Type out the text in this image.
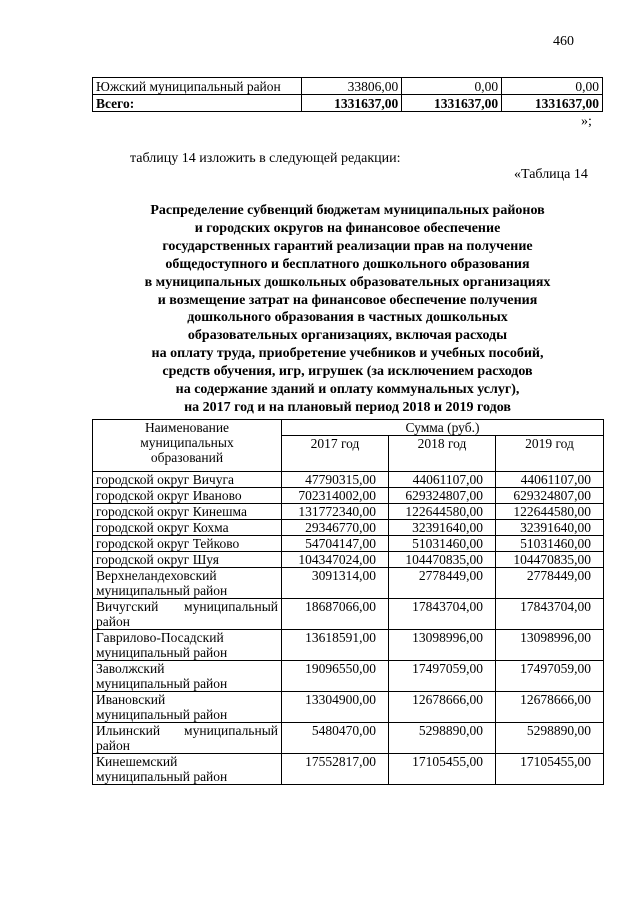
460
Южский муниципальный район	33806,00	0,00	0,00
Всего:	1331637,00	1331637,00	1331637,00
»;
таблицу 14 изложить в следующей редакции:
«Таблица 14
Распределение субвенций бюджетам муниципальных районов
и городских округов на финансовое обеспечение
государственных гарантий реализации прав на получение
общедоступного и бесплатного дошкольного образования
в муниципальных дошкольных образовательных организациях
и возмещение затрат на финансовое обеспечение получения
дошкольного образования в частных дошкольных
образовательных организациях, включая расходы
на оплату труда, приобретение учебников и учебных пособий,
средств обучения, игр, игрушек (за исключением расходов
на содержание зданий и оплату коммунальных услуг),
на 2017 год и на плановый период 2018 и 2019 годов
Наименование
муниципальных
образований	Сумма (руб.)		
	2017 год	2018 год	2019 год

городской округ Вичуга	47790315,00	44061107,00	44061107,00

городской округ Иваново	702314002,00	629324807,00	629324807,00

городской округ Кинешма	131772340,00	122644580,00	122644580,00

городской округ Кохма	29346770,00	32391640,00	32391640,00

городской округ Тейково	54704147,00	51031460,00	51031460,00

городской округ Шуя	104347024,00	104470835,00	104470835,00

Верхнеландеховский
муниципальный район	3091314,00	2778449,00	2778449,00

Вичугский муниципальный
район	18687066,00	17843704,00	17843704,00

Гаврилово-Посадский
муниципальный район	13618591,00	13098996,00	13098996,00

Заволжский
муниципальный район	19096550,00	17497059,00	17497059,00

Ивановский
муниципальный район	13304900,00	12678666,00	12678666,00

Ильинский муниципальный
район	5480470,00	5298890,00	5298890,00

Кинешемский
муниципальный район	17552817,00	17105455,00	17105455,00
